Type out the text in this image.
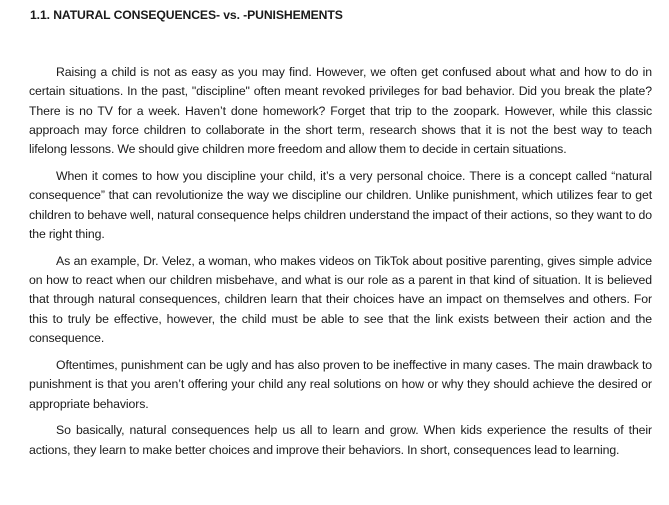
1.1. NATURAL CONSEQUENCES- vs. -PUNISHEMENTS

Raising a child is not as easy as you may find. However, we often get confused about what and how to do in certain situations. In the past, "discipline" often meant revoked privileges for bad behavior. Did you break the plate? There is no TV for a week. Haven’t done homework? Forget that trip to the zoopark. However, while this classic approach may force children to collaborate in the short term, research shows that it is not the best way to teach lifelong lessons. We should give children more freedom and allow them to decide in certain situations.

When it comes to how you discipline your child, it’s a very personal choice. There is a concept called “natural consequence” that can revolutionize the way we discipline our children. Unlike punishment, which utilizes fear to get children to behave well, natural consequence helps children understand the impact of their actions, so they want to do the right thing.

As an example, Dr. Velez, a woman, who makes videos on TikTok about positive parenting, gives simple advice on how to react when our children misbehave, and what is our role as a parent in that kind of situation. It is believed that through natural consequences, children learn that their choices have an impact on themselves and others. For this to truly be effective, however, the child must be able to see that the link exists between their action and the consequence.

Oftentimes, punishment can be ugly and has also proven to be ineffective in many cases. The main drawback to punishment is that you aren’t offering your child any real solutions on how or why they should achieve the desired or appropriate behaviors.

So basically, natural consequences help us all to learn and grow. When kids experience the results of their actions, they learn to make better choices and improve their behaviors. In short, consequences lead to learning.
